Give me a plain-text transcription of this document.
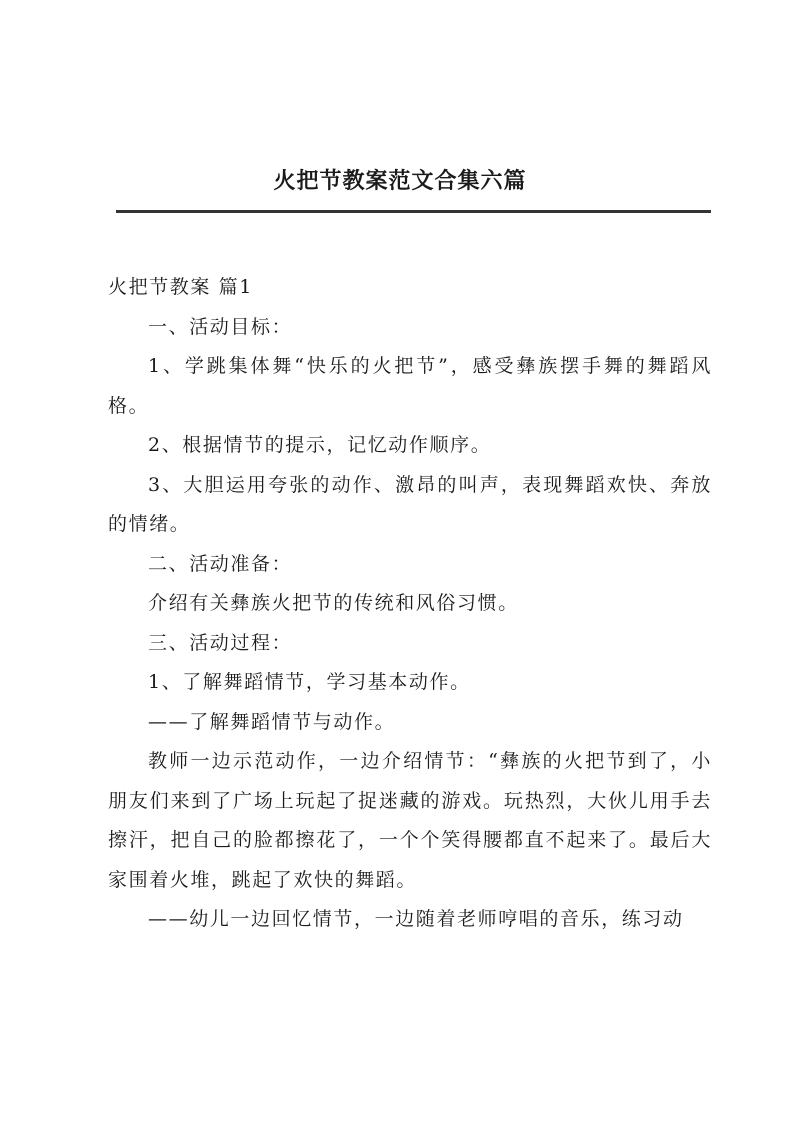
火把节教案范文合集六篇

火把节教案 篇1

一、活动目标：

1、学跳集体舞“快乐的火把节”，感受彝族摆手舞的舞蹈风格。

2、根据情节的提示，记忆动作顺序。

3、大胆运用夸张的动作、激昂的叫声，表现舞蹈欢快、奔放的情绪。

二、活动准备：

介绍有关彝族火把节的传统和风俗习惯。

三、活动过程：

1、了解舞蹈情节，学习基本动作。

——了解舞蹈情节与动作。

教师一边示范动作，一边介绍情节：“彝族的火把节到了，小朋友们来到了广场上玩起了捉迷藏的游戏。玩热烈，大伙儿用手去擦汗，把自己的脸都擦花了，一个个笑得腰都直不起来了。最后大家围着火堆，跳起了欢快的舞蹈。

——幼儿一边回忆情节，一边随着老师哼唱的音乐，练习动
